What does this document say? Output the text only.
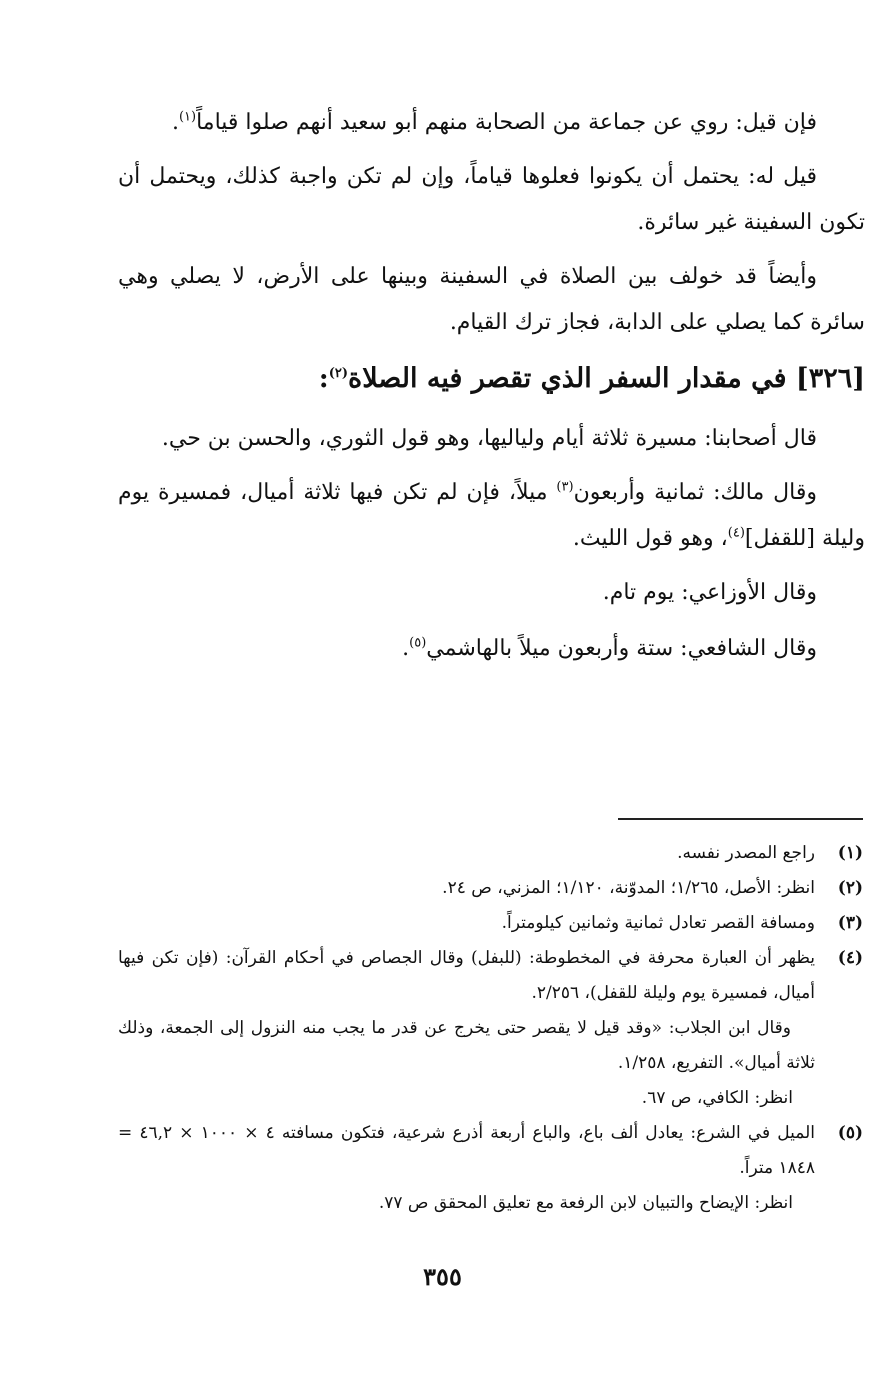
فإن قيل: روي عن جماعة من الصحابة منهم أبو سعيد أنهم صلوا قياماً$^{(١)}$.

قيل له: يحتمل أن يكونوا فعلوها قياماً، وإن لم تكن واجبة كذلك، ويحتمل أن تكون السفينة غير سائرة.

وأيضاً قد خولف بين الصلاة في السفينة وبينها على الأرض، لا يصلي وهي سائرة كما يصلي على الدابة، فجاز ترك القيام.

[٣٢٦] في مقدار السفر الذي تقصر فيه الصلاة$^{(٢)}$:

قال أصحابنا: مسيرة ثلاثة أيام ولياليها، وهو قول الثوري، والحسن بن حي.

وقال مالك: ثمانية وأربعون$^{(٣)}$ ميلاً، فإن لم تكن فيها ثلاثة أميال، فمسيرة يوم وليلة [للقفل]$^{(٤)}$، وهو قول الليث.

وقال الأوزاعي: يوم تام.

وقال الشافعي: ستة وأربعون ميلاً بالهاشمي$^{(٥)}$.

(١)
راجع المصدر نفسه.
(٢)
انظر: الأصل، ١/٢٦٥؛ المدوّنة، ١/١٢٠؛ المزني، ص ٢٤.
(٣)
ومسافة القصر تعادل ثمانية وثمانين كيلومتراً.
(٤)
يظهر أن العبارة محرفة في المخطوطة: (للبفل) وقال الجصاص في أحكام القرآن: (فإن تكن فيها أميال، فمسيرة يوم وليلة للقفل)، ٢/٢٥٦.
وقال ابن الجلاب: «وقد قيل لا يقصر حتى يخرج عن قدر ما يجب منه النزول إلى الجمعة، وذلك ثلاثة أميال». التفريع، ١/٢٥٨.
انظر: الكافي، ص ٦٧.
(٥)
الميل في الشرع: يعادل ألف باع، والباع أربعة أذرع شرعية، فتكون مسافته ٤ × ١٠٠٠ × ٤٦,٢ = ١٨٤٨ متراً.
انظر: الإيضاح والتبيان لابن الرفعة مع تعليق المحقق ص ٧٧.
٣٥٥
